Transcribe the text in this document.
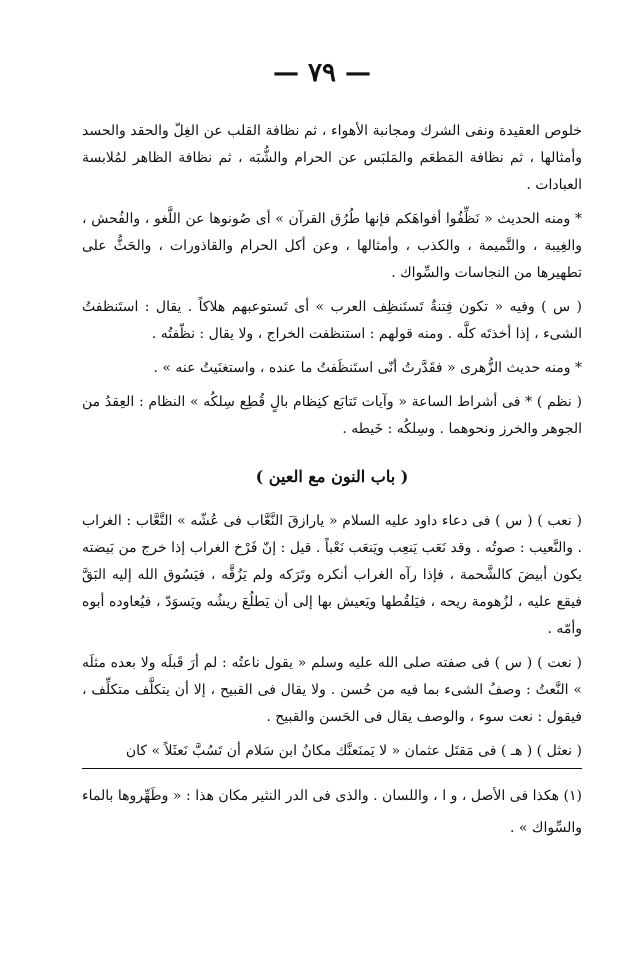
— ٧٩ —

خلوص العقيدة ونفى الشرك ومجانبة الأهواء ، ثم نظافة القلب عن الغِلّ والحقد والحسد وأمثالها ، ثم نظافة المَطعَم والمَلبَس عن الحرام والشُّبَه ، ثم نظافة الظاهر لمُلابسة العبادات .

* ومنه الحديث « نَظِّفُوا أفواهَكم فإنها طُرُق القرآن » أى صُونوها عن اللَّغو ، والفُحش ، والغِيبة ، والنَّميمة ، والكذب ، وأمثالها ، وعن أكل الحرام والقاذورات ، والحَثُّ على تطهيرها من النجاسات والسِّواك .

( س ) وفيه « تكون فِتنةٌ تَستَنظِف العرب » أى تَستوعبهم هلاكاً . يقال : استَنظفتُ الشىء ، إذا أخذتَه كلَّه . ومنه قولهم : استنظفت الخراج ، ولا يقال : نظّفتُه .

* ومنه حديث الزُّهرى « فقَدَّرتُ أنّى استَنظَفتُ ما عنده ، واستغنَيتُ عنه » .

( نظم ) * فى أشراط الساعة « وآيات تَتابَع كنِظام بالٍ قُطِع سِلكُه » النظام : العِقدُ من الجوهر والخرز ونحوهما . وسِلكُه : خَيطه .

( باب النون مع العين )

( نعب ) ( س ) فى دعاء داود عليه السلام « يارازقَ النَّعَّاب فى عُشّه » النَّعَّاب : الغراب . والنَّعيب : صوتُه . وقد نَعَب يَنعِب ويَنعَب نَعْباً . قيل : إنّ فَرْخ الغراب إذا خرج من بَيضته يكون أبيضَ كالشَّحمة ، فإذا رآه الغراب أنكره وتَرَكه ولم يَزُقَّه ، فيَسُوق الله إليه البَقَّ فيقع عليه ، لزُهومة ريحه ، فيَلقُطها ويَعيش بها إلى أن يَطلُعَ ريشُه ويَسوَدّ ، فيُعاوده أبوه وأمّه .

( نعت ) ( س ) فى صفته صلى الله عليه وسلم « يقول ناعتُه : لم أرَ قَبلَه ولا بعده مثلَه » النَّعتُ : وصفُ الشىء بما فيه من حُسن . ولا يقال فى القبيح ، إلا أن يتكلَّف متكلِّف ، فيقول : نعت سوء ، والوصف يقال فى الحَسن والقبيح .

( نعثل ) ( هـ ) فى مَقتَل عثمان « لا يَمنَعنَّك مكانُ ابن سَلام أن تَسُبَّ نَعثَلاً » كان

(١) هكذا فى الأصل ، و ا ، واللسان . والذى فى الدر النثير مكان هذا : « وطَهِّروها بالماء والسِّواك » .
